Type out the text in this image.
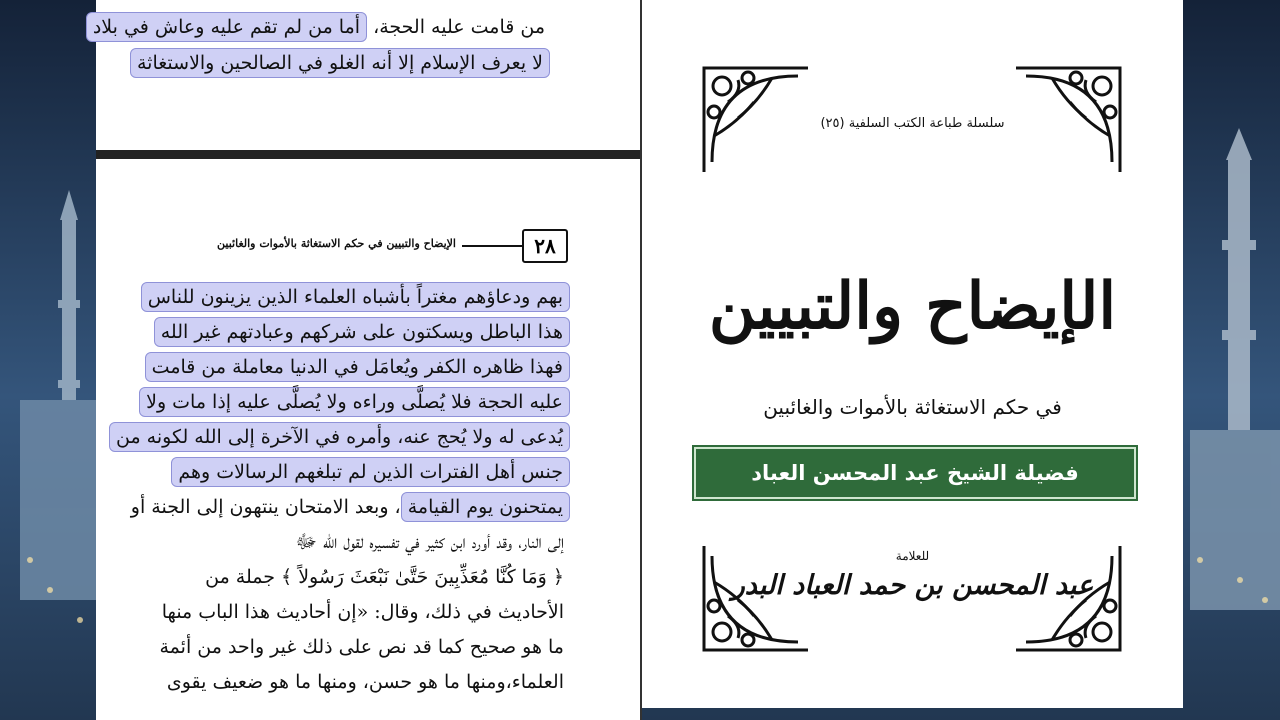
من قامت عليه الحجة، أما من لم تقم عليه وعاش في بلاد
لا يعرف الإسلام إلا أنه الغلو في الصالحين والاستغاثة
٢٨
الإيضاح والتبيين في حكم الاستغاثة بالأموات والغائبين
بهم ودعاؤهم مغتراً بأشباه العلماء الذين يزينون للناس
هذا الباطل ويسكتون على شركهم وعبادتهم غير الله
فهذا ظاهره الكفر ويُعامَل في الدنيا معاملة من قامت
عليه الحجة فلا يُصلَّى وراءه ولا يُصلَّى عليه إذا مات ولا
يُدعى له ولا يُحج عنه، وأمره في الآخرة إلى الله لكونه من
جنس أهل الفترات الذين لم تبلغهم الرسالات وهم
يمتحنون يوم القيامة، وبعد الامتحان ينتهون إلى الجنة أو
إلى النار، وقد أورد ابن كثير في تفسيره لقول الله ﷻ
﴿ وَمَا كُنَّا مُعَذِّبِينَ حَتَّىٰ نَبْعَثَ رَسُولاً ﴾ جملة من
الأحاديث في ذلك، وقال: «إن أحاديث هذا الباب منها
ما هو صحيح كما قد نص على ذلك غير واحد من أئمة
العلماء،ومنها ما هو حسن، ومنها ما هو ضعيف يقوى
سلسلة طباعة الكتب السلفية (٢٥)
الإيضاح والتبيين
في حكم الاستغاثة بالأموات والغائبين
فضيلة الشيخ عبد المحسن العباد
للعلامة
عبد المحسن بن حمد العباد البدر
